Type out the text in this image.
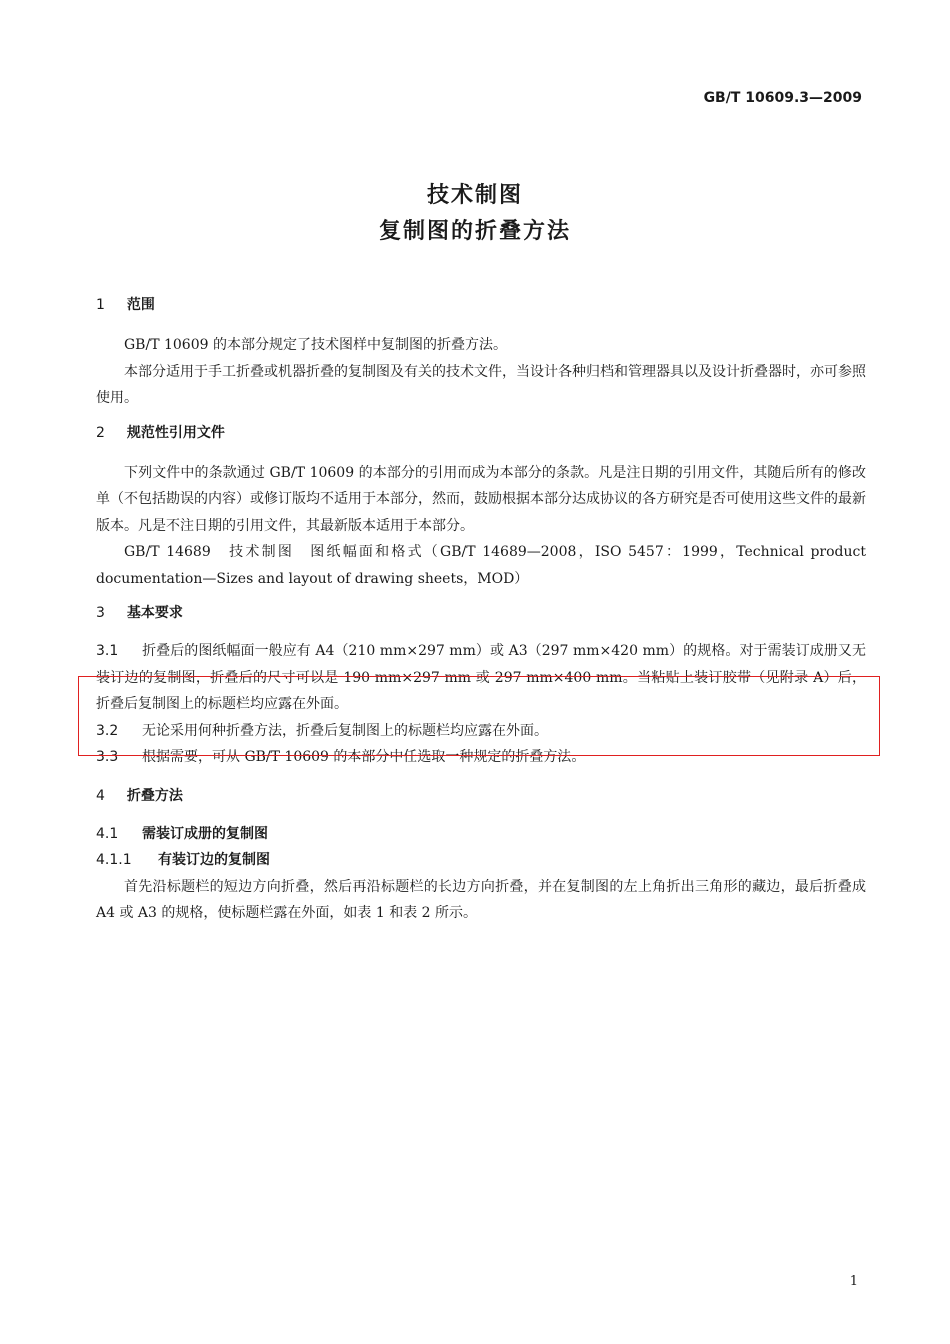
GB/T 10609.3—2009
技术制图
复制图的折叠方法
1 范围
GB/T 10609 的本部分规定了技术图样中复制图的折叠方法。
本部分适用于手工折叠或机器折叠的复制图及有关的技术文件，当设计各种归档和管理器具以及设计折叠器时，亦可参照使用。
2 规范性引用文件
下列文件中的条款通过 GB/T 10609 的本部分的引用而成为本部分的条款。凡是注日期的引用文件，其随后所有的修改单（不包括勘误的内容）或修订版均不适用于本部分，然而，鼓励根据本部分达成协议的各方研究是否可使用这些文件的最新版本。凡是不注日期的引用文件，其最新版本适用于本部分。
GB/T 14689　技术制图　图纸幅面和格式（GB/T 14689—2008，ISO 5457：1999，Technical product documentation—Sizes and layout of drawing sheets，MOD）
3 基本要求
3.1 折叠后的图纸幅面一般应有 A4（210 mm×297 mm）或 A3（297 mm×420 mm）的规格。对于需装订成册又无装订边的复制图，折叠后的尺寸可以是 190 mm×297 mm 或 297 mm×400 mm。当粘贴上装订胶带（见附录 A）后，折叠后复制图上的标题栏均应露在外面。
3.2 无论采用何种折叠方法，折叠后复制图上的标题栏均应露在外面。
3.3 根据需要，可从 GB/T 10609 的本部分中任选取一种规定的折叠方法。
4 折叠方法
4.1 需装订成册的复制图
4.1.1 有装订边的复制图
首先沿标题栏的短边方向折叠，然后再沿标题栏的长边方向折叠，并在复制图的左上角折出三角形的藏边，最后折叠成 A4 或 A3 的规格，使标题栏露在外面，如表 1 和表 2 所示。
1
